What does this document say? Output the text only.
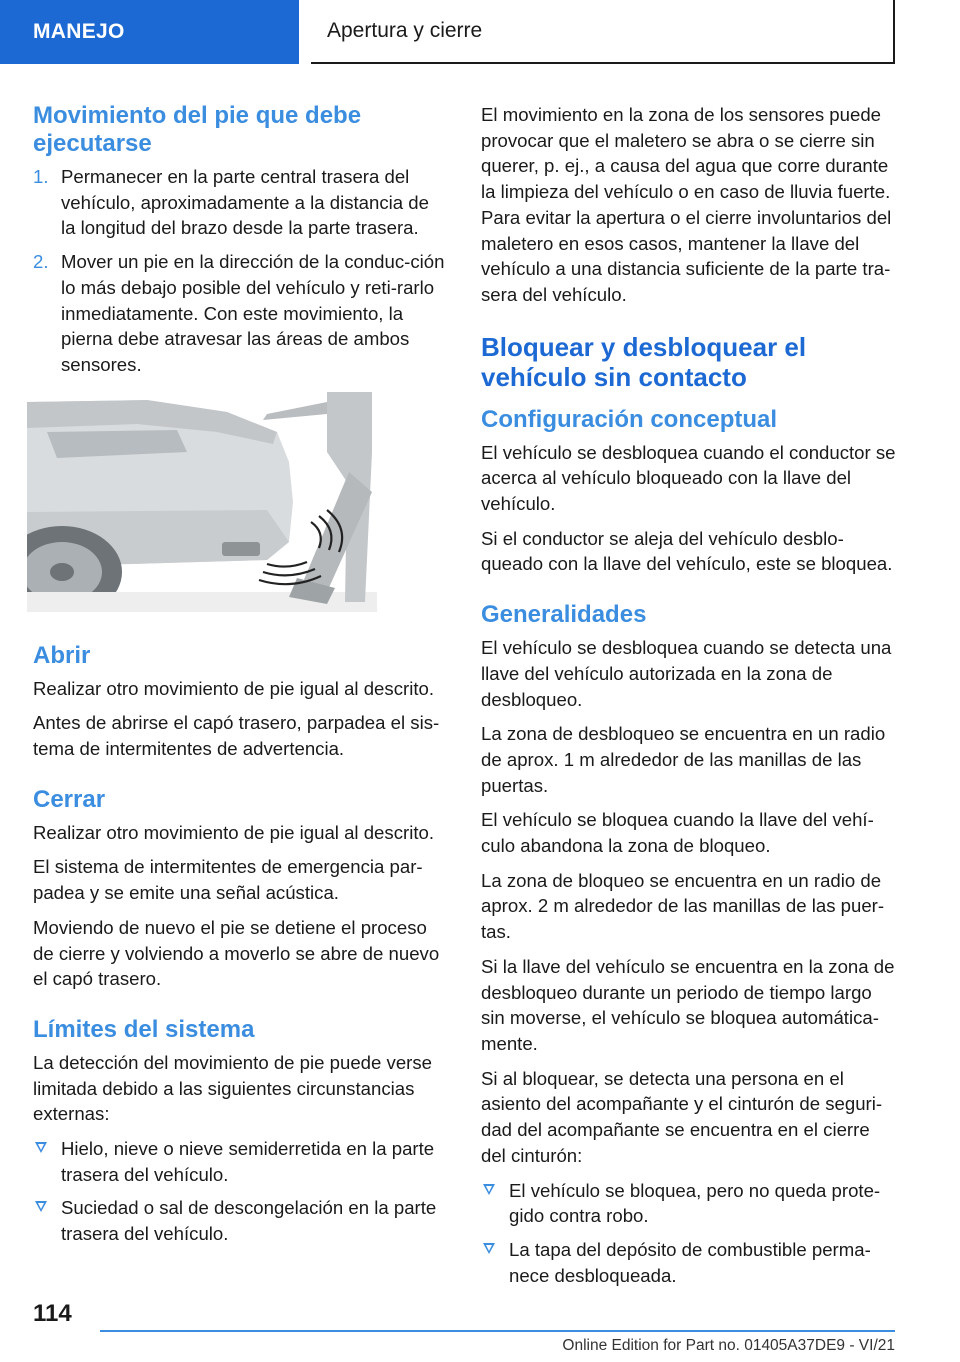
MANEJO	Apertura y cierre
Movimiento del pie que debe ejecutarse
1. Permanecer en la parte central trasera del vehículo, aproximadamente a la distancia de la longitud del brazo desde la parte trasera.
2. Mover un pie en la dirección de la conduc-ción lo más debajo posible del vehículo y reti-rarlo inmediatamente. Con este movimiento, la pierna debe atravesar las áreas de ambos sensores.
Abrir

Realizar otro movimiento de pie igual al descrito.

Antes de abrirse el capó trasero, parpadea el sis-tema de intermitentes de advertencia.

Cerrar

Realizar otro movimiento de pie igual al descrito.

El sistema de intermitentes de emergencia par-padea y se emite una señal acústica.

Moviendo de nuevo el pie se detiene el proceso de cierre y volviendo a moverlo se abre de nuevo el capó trasero.

Límites del sistema

La detección del movimiento de pie puede verse limitada debido a las siguientes circunstancias externas:

Hielo, nieve o nieve semiderretida en la parte trasera del vehículo.
Suciedad o sal de descongelación en la parte trasera del vehículo.

El movimiento en la zona de los sensores puede provocar que el maletero se abra o se cierre sin querer, p. ej., a causa del agua que corre durante la limpieza del vehículo o en caso de lluvia fuerte. Para evitar la apertura o el cierre involuntarios del maletero en esos casos, mantener la llave del vehículo a una distancia suficiente de la parte tra-sera del vehículo.

Bloquear y desbloquear el vehículo sin contacto
Configuración conceptual

El vehículo se desbloquea cuando el conductor se acerca al vehículo bloqueado con la llave del vehículo.

Si el conductor se aleja del vehículo desblo-queado con la llave del vehículo, este se bloquea.

Generalidades

El vehículo se desbloquea cuando se detecta una llave del vehículo autorizada en la zona de desbloqueo.

La zona de desbloqueo se encuentra en un radio de aprox. 1 m alrededor de las manillas de las puertas.

El vehículo se bloquea cuando la llave del vehí-culo abandona la zona de bloqueo.

La zona de bloqueo se encuentra en un radio de aprox. 2 m alrededor de las manillas de las puer-tas.

Si la llave del vehículo se encuentra en la zona de desbloqueo durante un periodo de tiempo largo sin moverse, el vehículo se bloquea automática-mente.

Si al bloquear, se detecta una persona en el asiento del acompañante y el cinturón de seguri-dad del acompañante se encuentra en el cierre del cinturón:

El vehículo se bloquea, pero no queda prote-gido contra robo.
La tapa del depósito de combustible perma-nece desbloqueada.
114
Online Edition for Part no. 01405A37DE9 - VI/21
